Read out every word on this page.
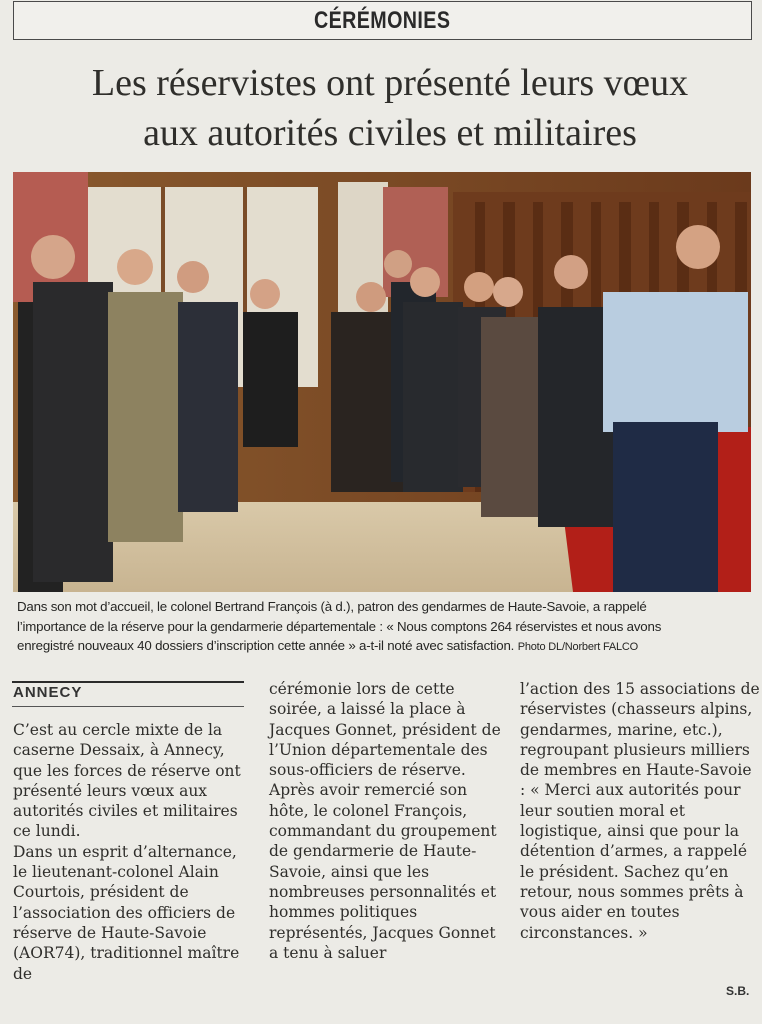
CÉRÉMONIES
Les réservistes ont présenté leurs vœux
aux autorités civiles et militaires
Dans son mot d’accueil, le colonel Bertrand François (à d.), patron des gendarmes de Haute-Savoie, a rappelé
l’importance de la réserve pour la gendarmerie départementale : « Nous comptons 264 réservistes et nous avons
enregistré nouveaux 40 dossiers d’inscription cette année » a-t-il noté avec satisfaction. Photo DL/Norbert FALCO
ANNECY

C’est au cercle mixte de la caserne Dessaix, à Annecy, que les forces de réserve ont présenté leurs vœux aux autorités civiles et militaires ce lundi.

Dans un esprit d’alternance, le lieutenant-colonel Alain Courtois, président de l’association des officiers de réserve de Haute-Savoie (AOR74), traditionnel maître de

cérémonie lors de cette soirée, a laissé la place à Jacques Gonnet, président de l’Union départementale des sous-officiers de réserve.

Après avoir remercié son hôte, le colonel François, commandant du groupement de gendarmerie de Haute-Savoie, ainsi que les nombreuses personnalités et hommes politiques représentés, Jacques Gonnet a tenu à saluer

l’action des 15 associations de réservistes (chasseurs alpins, gendarmes, marine, etc.), regroupant plusieurs milliers de membres en Haute-Savoie : « Merci aux autorités pour leur soutien moral et logistique, ainsi que pour la détention d’armes, a rappelé le président. Sachez qu’en retour, nous sommes prêts à vous aider en toutes circonstances. »

S.B.
